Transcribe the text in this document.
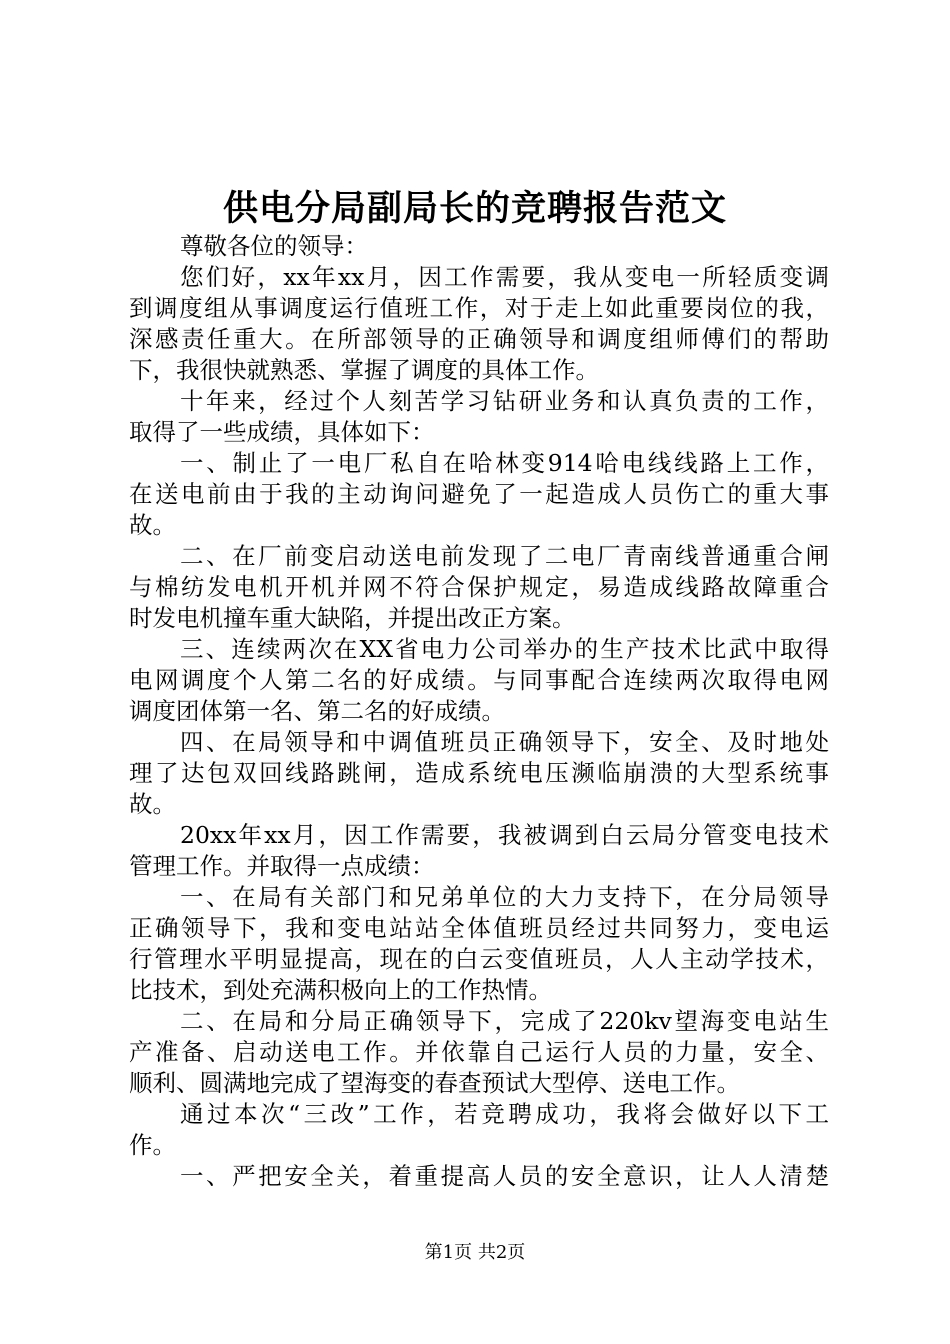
供电分局副局长的竞聘报告范文
尊敬各位的领导：
您们好，xx年xx月，因工作需要，我从变电一所轻质变调
到调度组从事调度运行值班工作，对于走上如此重要岗位的我，
深感责任重大。在所部领导的正确领导和调度组师傅们的帮助
下，我很快就熟悉、掌握了调度的具体工作。
十年来，经过个人刻苦学习钻研业务和认真负责的工作，
取得了一些成绩，具体如下：
一、制止了一电厂私自在哈林变914哈电线线路上工作，
在送电前由于我的主动询问避免了一起造成人员伤亡的重大事
故。
二、在厂前变启动送电前发现了二电厂青南线普通重合闸
与棉纺发电机开机并网不符合保护规定，易造成线路故障重合
时发电机撞车重大缺陷，并提出改正方案。
三、连续两次在XX省电力公司举办的生产技术比武中取得
电网调度个人第二名的好成绩。与同事配合连续两次取得电网
调度团体第一名、第二名的好成绩。
四、在局领导和中调值班员正确领导下，安全、及时地处
理了达包双回线路跳闸，造成系统电压濒临崩溃的大型系统事
故。
20xx年xx月，因工作需要，我被调到白云局分管变电技术
管理工作。并取得一点成绩：
一、在局有关部门和兄弟单位的大力支持下，在分局领导
正确领导下，我和变电站站全体值班员经过共同努力，变电运
行管理水平明显提高，现在的白云变值班员，人人主动学技术，
比技术，到处充满积极向上的工作热情。
二、在局和分局正确领导下，完成了220kv望海变电站生
产准备、启动送电工作。并依靠自己运行人员的力量，安全、
顺利、圆满地完成了望海变的春查预试大型停、送电工作。
通过本次“三改”工作，若竞聘成功，我将会做好以下工
作。
一、严把安全关，着重提高人员的安全意识，让人人清楚
第1页 共2页
